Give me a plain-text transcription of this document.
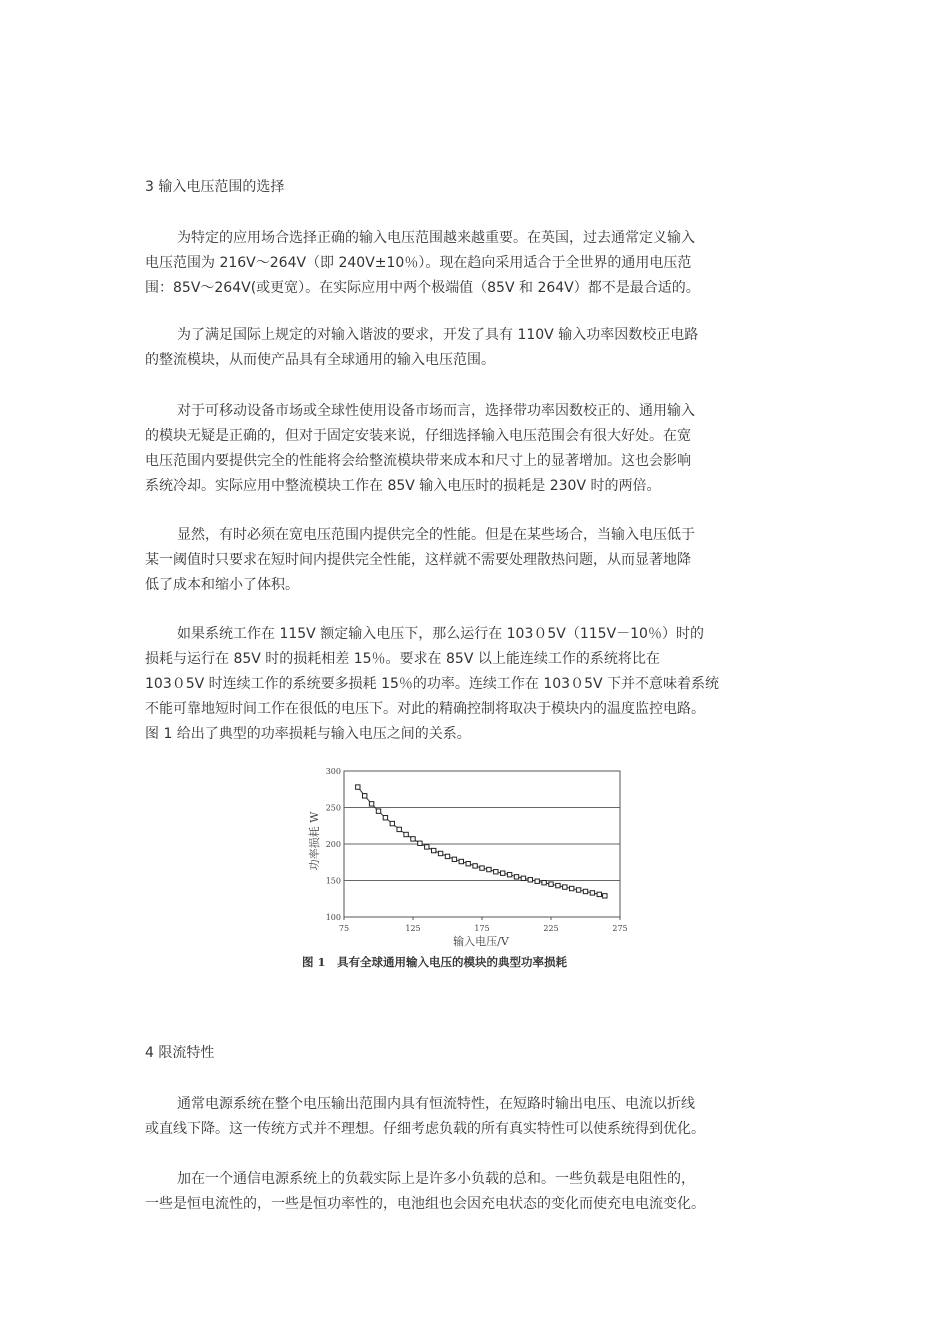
3 输入电压范围的选择

为特定的应用场合选择正确的输入电压范围越来越重要。在英国，过去通常定义输入
电压范围为 216V～264V（即 240V±10％）。现在趋向采用适合于全世界的通用电压范
围：85V～264V(或更宽）。在实际应用中两个极端值（85V 和 264V）都不是最合适的。

为了满足国际上规定的对输入谐波的要求，开发了具有 110V 输入功率因数校正电路
的整流模块，从而使产品具有全球通用的输入电压范围。

对于可移动设备市场或全球性使用设备市场而言，选择带功率因数校正的、通用输入
的模块无疑是正确的，但对于固定安装来说，仔细选择输入电压范围会有很大好处。在宽
电压范围内要提供完全的性能将会给整流模块带来成本和尺寸上的显著增加。这也会影响
系统冷却。实际应用中整流模块工作在 85V 输入电压时的损耗是 230V 时的两倍。

显然，有时必须在宽电压范围内提供完全的性能。但是在某些场合，当输入电压低于
某一阈值时只要求在短时间内提供完全性能，这样就不需要处理散热问题，从而显著地降
低了成本和缩小了体积。

如果系统工作在 115V 额定输入电压下，那么运行在 103０5V（115V－10％）时的
损耗与运行在 85V 时的损耗相差 15％。要求在 85V 以上能连续工作的系统将比在
103０5V 时连续工作的系统要多损耗 15％的功率。连续工作在 103０5V 下并不意味着系统
不能可靠地短时间工作在很低的电压下。对此的精确控制将取决于模块内的温度监控电路。
图 1 给出了典型的功率损耗与输入电压之间的关系。

100
150
200
250
300
75	125	175	225	275
功率损耗 W
输入电压/V
图 1　具有全球通用输入电压的模块的典型功率损耗
4 限流特性

通常电源系统在整个电压输出范围内具有恒流特性，在短路时输出电压、电流以折线
或直线下降。这一传统方式并不理想。仔细考虑负载的所有真实特性可以使系统得到优化。

加在一个通信电源系统上的负载实际上是许多小负载的总和。一些负载是电阻性的，
一些是恒电流性的，一些是恒功率性的，电池组也会因充电状态的变化而使充电电流变化。
